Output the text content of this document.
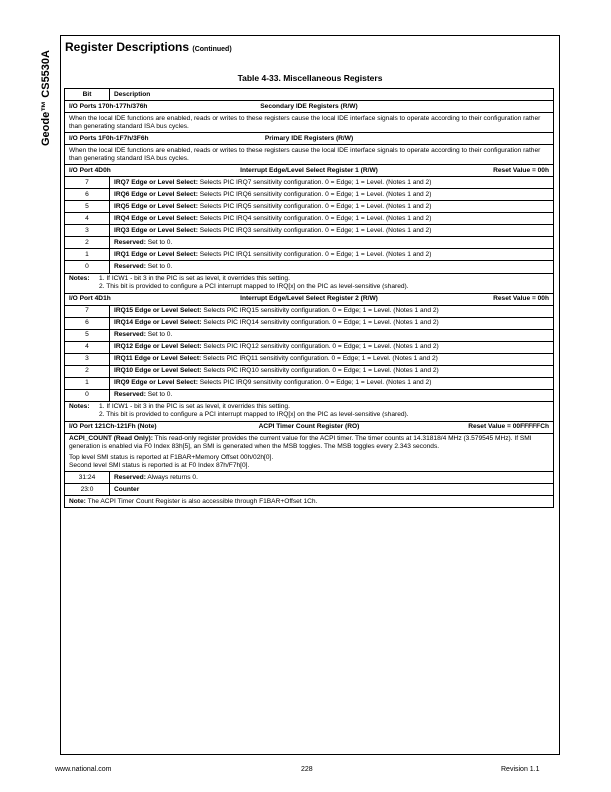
Geode™ CS5530A
Register Descriptions (Continued)
Table 4-33. Miscellaneous Registers
Bit	Description

I/O Ports 170h-177h/376h Secondary IDE Registers (R/W)	

When the local IDE functions are enabled, reads or writes to these registers cause the local IDE interface signals to operate according to their configuration rather than generating standard ISA bus cycles.	

I/O Ports 1F0h-1F7h/3F6h Primary IDE Registers (R/W)	

When the local IDE functions are enabled, reads or writes to these registers cause the local IDE interface signals to operate according to their configuration rather than generating standard ISA bus cycles.	

I/O Port 4D0h Interrupt Edge/Level Select Register 1 (R/W) Reset Value = 00h	

7	IRQ7 Edge or Level Select: Selects PIC IRQ7 sensitivity configuration. 0 = Edge; 1 = Level. (Notes 1 and 2)
6	IRQ6 Edge or Level Select: Selects PIC IRQ6 sensitivity configuration. 0 = Edge; 1 = Level. (Notes 1 and 2)
5	IRQ5 Edge or Level Select: Selects PIC IRQ5 sensitivity configuration. 0 = Edge; 1 = Level. (Notes 1 and 2)
4	IRQ4 Edge or Level Select: Selects PIC IRQ4 sensitivity configuration. 0 = Edge; 1 = Level. (Notes 1 and 2)
3	IRQ3 Edge or Level Select: Selects PIC IRQ3 sensitivity configuration. 0 = Edge; 1 = Level. (Notes 1 and 2)
2	Reserved: Set to 0.
1	IRQ1 Edge or Level Select: Selects PIC IRQ1 sensitivity configuration. 0 = Edge; 1 = Level. (Notes 1 and 2)
0	Reserved: Set to 0.

Notes: 1. If ICW1 - bit 3 in the PIC is set as level, it overrides this setting.
2. This bit is provided to configure a PCI interrupt mapped to IRQ[x] on the PIC as level-sensitive (shared).	

I/O Port 4D1h Interrupt Edge/Level Select Register 2 (R/W) Reset Value = 00h	

7	IRQ15 Edge or Level Select: Selects PIC IRQ15 sensitivity configuration. 0 = Edge; 1 = Level. (Notes 1 and 2)
6	IRQ14 Edge or Level Select: Selects PIC IRQ14 sensitivity configuration. 0 = Edge; 1 = Level. (Notes 1 and 2)
5	Reserved: Set to 0.
4	IRQ12 Edge or Level Select: Selects PIC IRQ12 sensitivity configuration. 0 = Edge; 1 = Level. (Notes 1 and 2)
3	IRQ11 Edge or Level Select: Selects PIC IRQ11 sensitivity configuration. 0 = Edge; 1 = Level. (Notes 1 and 2)
2	IRQ10 Edge or Level Select: Selects PIC IRQ10 sensitivity configuration. 0 = Edge; 1 = Level. (Notes 1 and 2)
1	IRQ9 Edge or Level Select: Selects PIC IRQ9 sensitivity configuration. 0 = Edge; 1 = Level. (Notes 1 and 2)
0	Reserved: Set to 0.

Notes: 1. If ICW1 - bit 3 in the PIC is set as level, it overrides this setting.
2. This bit is provided to configure a PCI interrupt mapped to IRQ[x] on the PIC as level-sensitive (shared).	

I/O Port 121Ch-121Fh (Note) ACPI Timer Count Register (RO) Reset Value = 00FFFFFCh	

ACPI_COUNT (Read Only): This read-only register provides the current value for the ACPI timer. The timer counts at 14.31818/4 MHz (3.579545 MHz). If SMI generation is enabled via F0 Index 83h[5], an SMI is generated when the MSB toggles. The MSB toggles every 2.343 seconds.
Top level SMI status is reported at F1BAR+Memory Offset 00h/02h[0].
Second level SMI status is reported is at F0 Index 87h/F7h[0].	

31:24	Reserved: Always returns 0.
23:0	Counter
Note: The ACPI Timer Count Register is also accessible through F1BAR+Offset 1Ch.	
www.national.com	228	Revision 1.1
